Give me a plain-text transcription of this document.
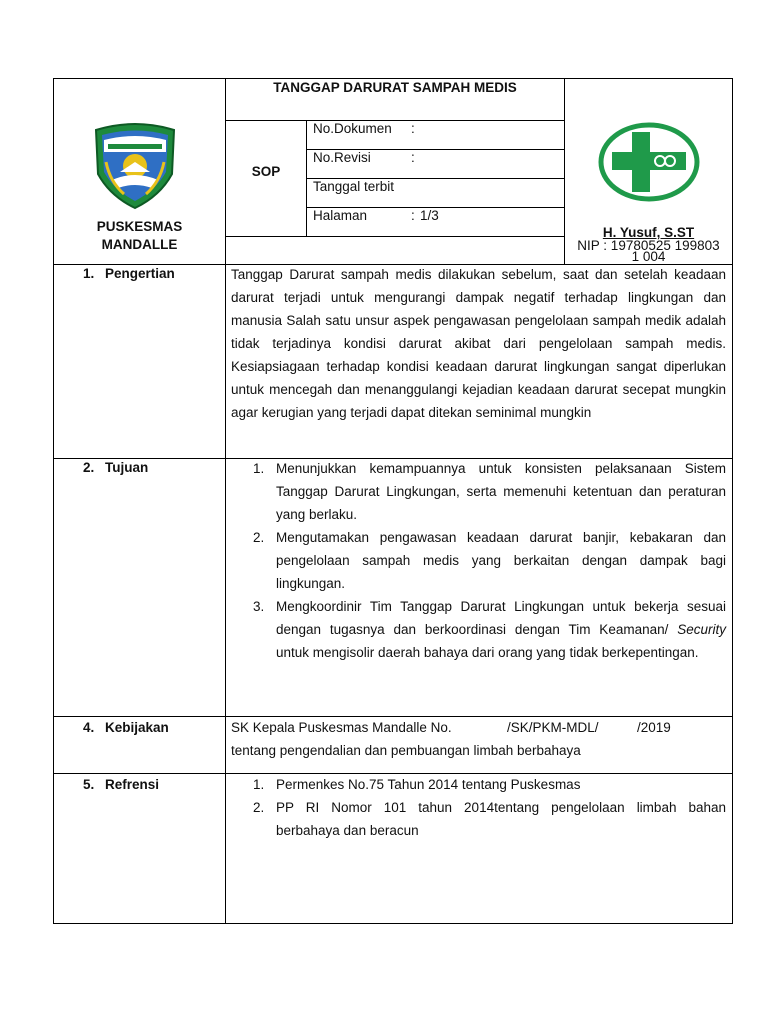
PUSKESMAS
MANDALLE
TANGGAP DARURAT SAMPAH MEDIS
SOP
No.Dokumen :
No.Revisi	:
Tanggal terbit
Halaman	: 1/3
H. Yusuf, S.ST
NIP : 19780525 199803
1 004
1. Pengertian	Tanggap Darurat sampah medis dilakukan sebelum, saat dan setelah keadaan darurat terjadi untuk mengurangi dampak negatif terhadap lingkungan dan manusia Salah satu unsur aspek pengawasan pengelolaan sampah medik adalah tidak terjadinya kondisi darurat akibat dari pengelolaan sampah medis. Kesiapsiagaan terhadap kondisi keadaan darurat lingkungan sangat diperlukan untuk mencegah dan menanggulangi kejadian keadaan darurat secepat mungkin agar kerugian yang terjadi dapat ditekan seminimal mungkin
2. Tujuan	1. Menunjukkan kemampuannya untuk konsisten pelaksanaan Sistem Tanggap Darurat Lingkungan, serta memenuhi ketentuan dan peraturan yang berlaku.
2. Mengutamakan pengawasan keadaan darurat banjir, kebakaran dan pengelolaan sampah medis yang berkaitan dengan dampak bagi lingkungan.
3. Mengkoordinir Tim Tanggap Darurat Lingkungan untuk bekerja sesuai dengan tugasnya dan berkoordinasi dengan Tim Keamanan/ Security untuk mengisolir daerah bahaya dari orang yang tidak berkepentingan.
4. Kebijakan	SK Kepala Puskesmas Mandalle No.	/SK/PKM-MDL/	/2019
tentang pengendalian dan pembuangan limbah berbahaya
5. Refrensi	1. Permenkes No.75 Tahun 2014 tentang Puskesmas
2. PP RI Nomor 101 tahun 2014tentang pengelolaan limbah bahan berbahaya dan beracun
